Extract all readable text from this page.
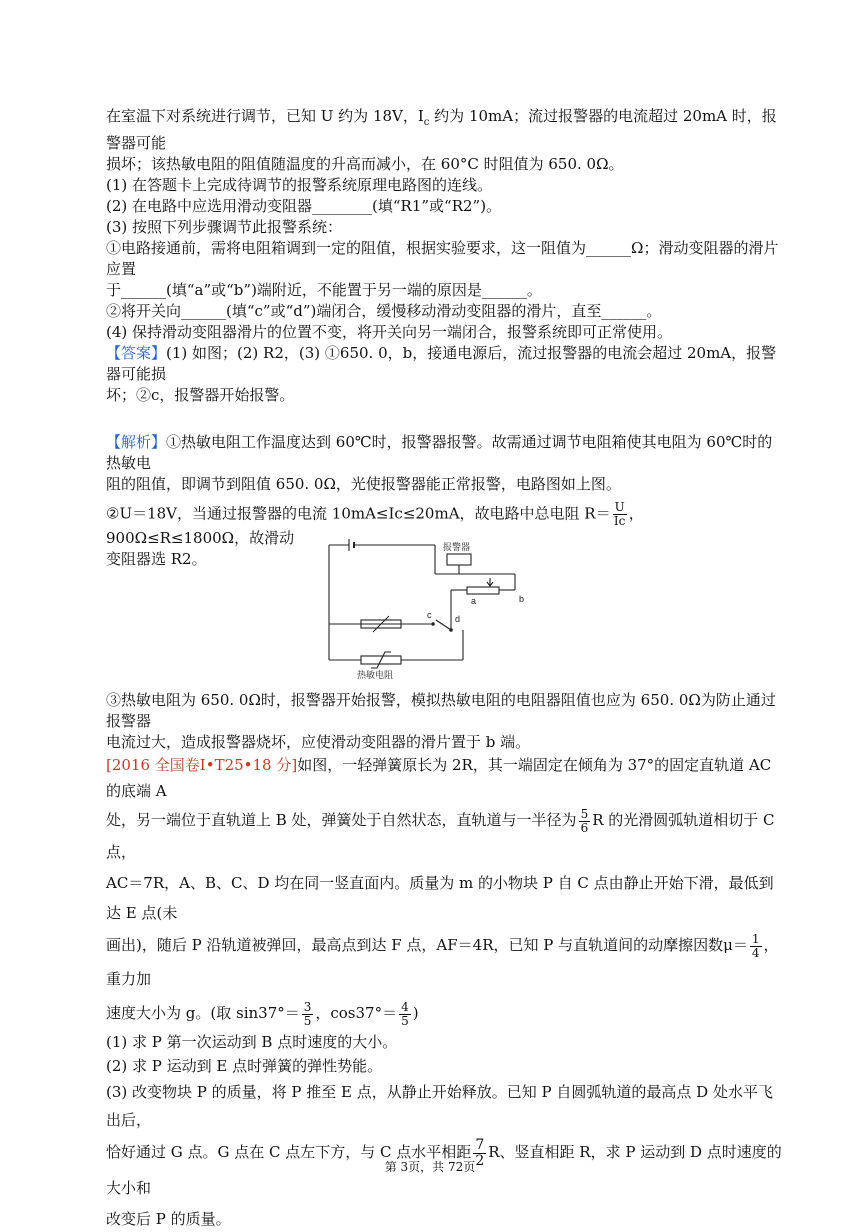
在室温下对系统进行调节，已知 U 约为 18V，$I_c$ 约为 10mA；流过报警器的电流超过 20mA 时，报警器可能

损坏；该热敏电阻的阻值随温度的升高而减小，在 60°C 时阻值为 650. 0Ω。

(1) 在答题卡上完成待调节的报警系统原理电路图的连线。

(2) 在电路中应选用滑动变阻器________(填“R1”或“R2”)。

(3) 按照下列步骤调节此报警系统：

①电路接通前，需将电阻箱调到一定的阻值，根据实验要求，这一阻值为______Ω；滑动变阻器的滑片应置

于______(填“a”或“b”)端附近，不能置于另一端的原因是______。

②将开关向______(填“c”或“d”)端闭合，缓慢移动滑动变阻器的滑片，直至______。

(4) 保持滑动变阻器滑片的位置不变，将开关向另一端闭合，报警系统即可正常使用。

【答案】(1) 如图；(2) R2，(3) ①650. 0，b，接通电源后，流过报警器的电流会超过 20mA，报警器可能损

坏；②c，报警器开始报警。

【解析】①热敏电阻工作温度达到 60℃时，报警器报警。故需通过调节电阻箱使其电阻为 60℃时的热敏电

阻的阻值，即调节到阻值 650. 0Ω，光使报警器能正常报警，电路图如上图。

②U＝18V，当通过报警器的电流 10mA≤Ic≤20mA，故电路中总电阻 $R= \frac{U}{Ic}$ ，900Ω≤R≤1800Ω，故滑动

变阻器选 R2。

③热敏电阻为 650. 0Ω时，报警器开始报警，模拟热敏电阻的电阻器阻值也应为 650. 0Ω为防止通过报警器

电流过大，造成报警器烧坏，应使滑动变阻器的滑片置于 b 端。

[2016 全国卷Ⅰ•T25•18 分]如图，一轻弹簧原长为 2R，其一端固定在倾角为 37°的固定直轨道 AC 的底端 A

处，另一端位于直轨道上 B 处，弹簧处于自然状态，直轨道与一半径为 $\frac{5}{6}$ R 的光滑圆弧轨道相切于 C 点，

AC＝7R，A、B、C、D 均在同一竖直面内。质量为 m 的小物块 P 自 C 点由静止开始下滑，最低到达 E 点(未

画出)，随后 P 沿轨道被弹回，最高点到达 F 点，AF＝4R，已知 P 与直轨道间的动摩擦因数$\mu= \frac{1}{4}$ ，重力加

速度大小为 g。(取 $\sin 37^\circ= \frac{3}{5}$ ，$\cos 37^\circ= \frac{4}{5}$ )

(1) 求 P 第一次运动到 B 点时速度的大小。

(2) 求 P 运动到 E 点时弹簧的弹性势能。

(3) 改变物块 P 的质量，将 P 推至 E 点，从静止开始释放。已知 P 自圆弧轨道的最高点 D 处水平飞出后，

恰好通过 G 点。G 点在 C 点左下方，与 C 点水平相距 $\frac{7}{2}$ R、竖直相距 R，求 P 运动到 D 点时速度的大小和

改变后 P 的质量。

报警器
a	b
c	d
热敏电阻
第 3页，共 72页
